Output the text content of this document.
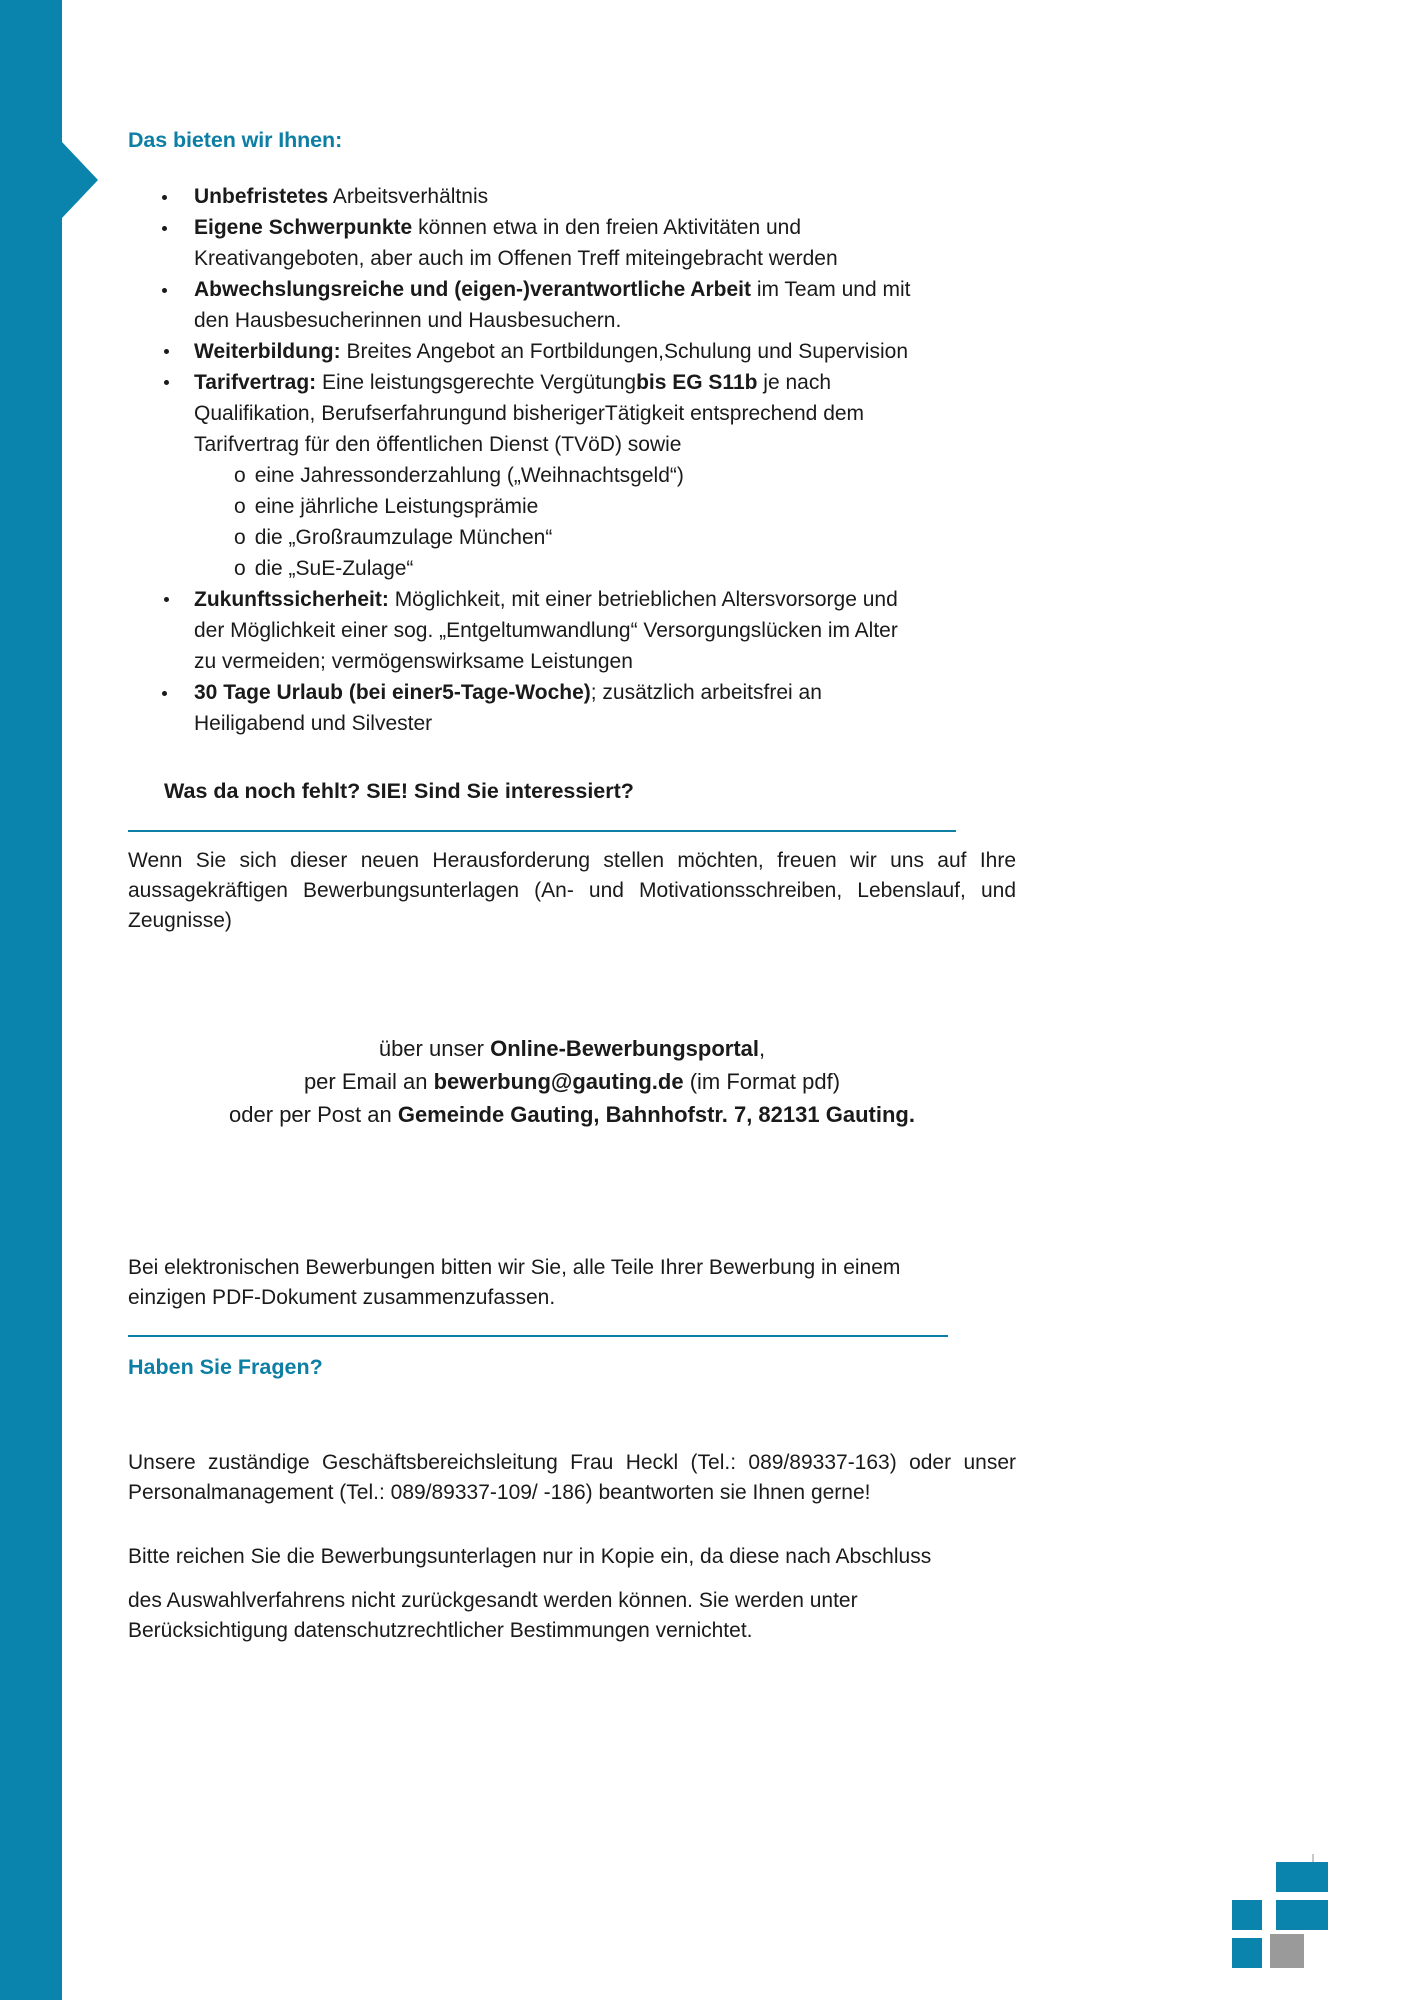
Das bieten wir Ihnen:
Unbefristetes Arbeitsverhältnis
Eigene Schwerpunkte können etwa in den freien Aktivitäten und
Kreativangeboten, aber auch im Offenen Treff miteingebracht werden
Abwechslungsreiche und (eigen-)verantwortliche Arbeit im Team und mit
den Hausbesucherinnen und Hausbesuchern.
Weiterbildung: Breites Angebot an Fortbildungen,Schulung und Supervision
Tarifvertrag: Eine leistungsgerechte Vergütungbis EG S11b je nach
Qualifikation, Berufserfahrungund bisherigerTätigkeit entsprechend dem
Tarifvertrag für den öffentlichen Dienst (TVöD) sowie
o eine Jahressonderzahlung („Weihnachtsgeld“)
o eine jährliche Leistungsprämie
o die „Großraumzulage München“
o die „SuE-Zulage“
Zukunftssicherheit: Möglichkeit, mit einer betrieblichen Altersvorsorge und
der Möglichkeit einer sog. „Entgeltumwandlung“ Versorgungslücken im Alter
zu vermeiden; vermögenswirksame Leistungen
30 Tage Urlaub (bei einer5-Tage-Woche); zusätzlich arbeitsfrei an
Heiligabend und Silvester
Was da noch fehlt? SIE! Sind Sie interessiert?

Wenn Sie sich dieser neuen Herausforderung stellen möchten, freuen wir uns auf Ihre aussagekräftigen Bewerbungsunterlagen (An- und Motivationsschreiben, Lebenslauf, und Zeugnisse)

über unser Online-Bewerbungsportal,
per Email an bewerbung@gauting.de (im Format pdf)
oder per Post an Gemeinde Gauting, Bahnhofstr. 7, 82131 Gauting.

Bei elektronischen Bewerbungen bitten wir Sie, alle Teile Ihrer Bewerbung in einem

einzigen PDF-Dokument zusammenzufassen.

Haben Sie Fragen?

Unsere zuständige Geschäftsbereichsleitung Frau Heckl (Tel.: 089/89337-163) oder unser Personalmanagement (Tel.: 089/89337-109/ -186) beantworten sie Ihnen gerne!

Bitte reichen Sie die Bewerbungsunterlagen nur in Kopie ein, da diese nach Abschluss

des Auswahlverfahrens nicht zurückgesandt werden können. Sie werden unter

Berücksichtigung datenschutzrechtlicher Bestimmungen vernichtet.
